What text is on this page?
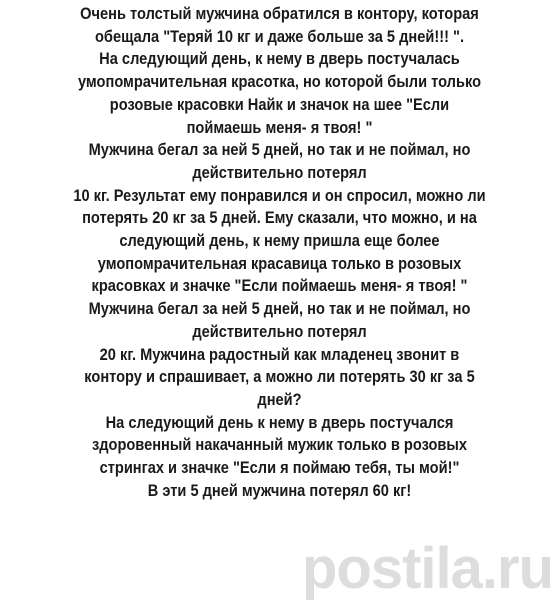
Очень толстый мужчина обратился в контору, которая
обещала "Теряй 10 кг и даже больше за 5 дней!!! ".
На следующий день, к нему в дверь постучалась
умопомрачительная красотка, но которой были только
розовые красовки Найк и значок на шее "Если
поймаешь меня- я твоя! "
Мужчина бегал за ней 5 дней, но так и не поймал, но
действительно потерял
10 кг. Результат ему понравился и он спросил, можно ли
потерять 20 кг за 5 дней. Ему сказали, что можно, и на
следующий день, к нему пришла еще более
умопомрачительная красавица только в розовых
красовках и значке "Если поймаешь меня- я твоя! "
Мужчина бегал за ней 5 дней, но так и не поймал, но
действительно потерял
20 кг. Мужчина радостный как младенец звонит в
контору и спрашивает, а можно ли потерять 30 кг за 5
дней?
На следующий день к нему в дверь постучался
здоровенный накачанный мужик только в розовых
стрингах и значке "Если я поймаю тебя, ты мой!"
В эти 5 дней мужчина потерял 60 кг!
postila.ru
